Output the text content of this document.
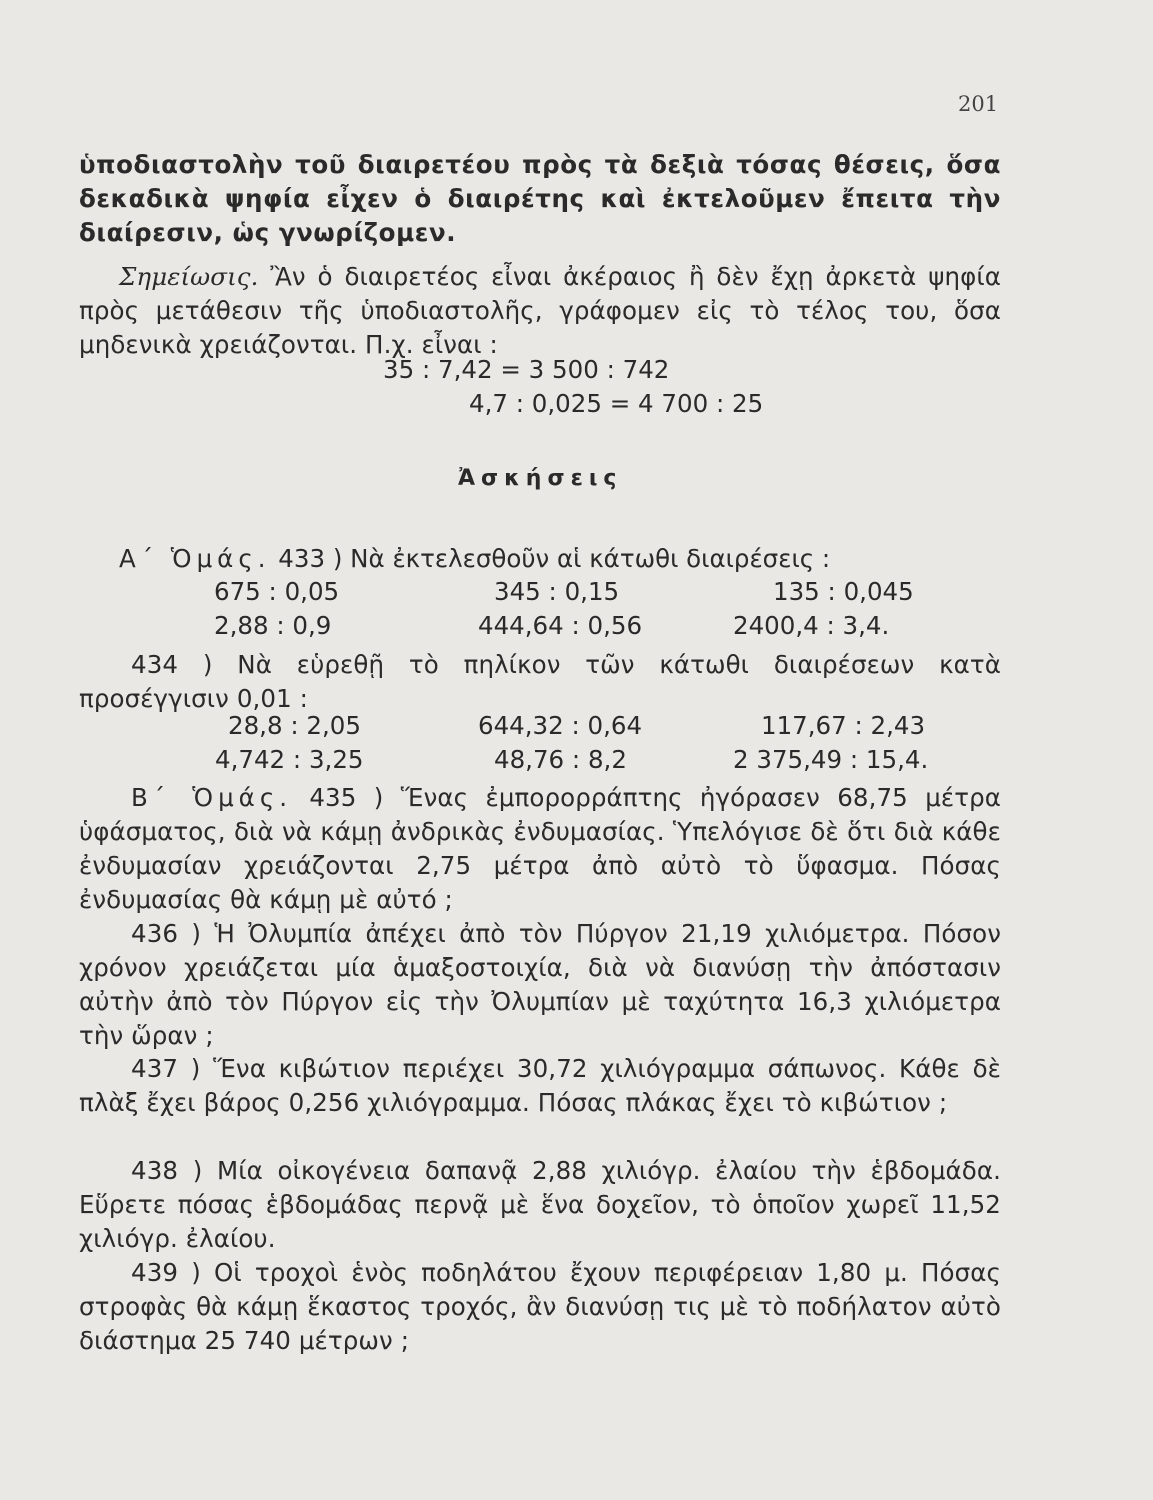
201

ὑποδιαστολὴν τοῦ διαιρετέου πρὸς τὰ δεξιὰ τόσας θέσεις, ὅσα δεκαδικὰ ψηφία εἶχεν ὁ διαιρέτης καὶ ἐκτελοῦμεν ἔπειτα τὴν διαίρεσιν, ὡς γνωρίζομεν.

Σημείωσις. Ἂν ὁ διαιρετέος εἶναι ἀκέραιος ἢ δὲν ἔχῃ ἀρκετὰ ψηφία πρὸς μετάθεσιν τῆς ὑποδιαστολῆς, γράφομεν εἰς τὸ τέλος του, ὅσα μηδενικὰ χρειάζονται. Π.χ. εἶναι :

35 : 7,42 = 3 500 : 742
4,7 : 0,025 = 4 700 : 25
Ἀσκήσεις
Α΄ Ὁμάς. 433 ) Νὰ ἐκτελεσθοῦν αἱ κάτωθι διαιρέσεις :
675 : 0,05	345 : 0,15	135 : 0,045
2,88 : 0,9	444,64 : 0,56	2400,4 : 3,4.

434 ) Νὰ εὑρεθῇ τὸ πηλίκον τῶν κάτωθι διαιρέσεων κατὰ προσέγγισιν 0,01 :

28,8 : 2,05	644,32 : 0,64	117,67 : 2,43
4,742 : 3,25	48,76 : 8,2	2 375,49 : 15,4.

Β΄ Ὁμάς. 435 ) Ἕνας ἐμπορορράπτης ἠγόρασεν 68,75 μέτρα ὑφάσματος, διὰ νὰ κάμῃ ἀνδρικὰς ἐνδυμασίας. Ὑπελόγισε δὲ ὅτι διὰ κάθε ἐνδυμασίαν χρειάζονται 2,75 μέτρα ἀπὸ αὐτὸ τὸ ὕφασμα. Πόσας ἐνδυμασίας θὰ κάμῃ μὲ αὐτό ;

436 ) Ἡ Ὀλυμπία ἀπέχει ἀπὸ τὸν Πύργον 21,19 χιλιόμετρα. Πόσον χρόνον χρειάζεται μία ἁμαξοστοιχία, διὰ νὰ διανύσῃ τὴν ἀπόστασιν αὐτὴν ἀπὸ τὸν Πύργον εἰς τὴν Ὀλυμπίαν μὲ ταχύτητα 16,3 χιλιόμετρα τὴν ὥραν ;

437 ) Ἕνα κιβώτιον περιέχει 30,72 χιλιόγραμμα σάπωνος. Κάθε δὲ πλὰξ ἔχει βάρος 0,256 χιλιόγραμμα. Πόσας πλάκας ἔχει τὸ κιβώτιον ;

438 ) Μία οἰκογένεια δαπανᾷ 2,88 χιλιόγρ. ἐλαίου τὴν ἑβδομάδα. Εὕρετε πόσας ἑβδομάδας περνᾷ μὲ ἕνα δοχεῖον, τὸ ὁποῖον χωρεῖ 11,52 χιλιόγρ. ἐλαίου.

439 ) Οἱ τροχοὶ ἑνὸς ποδηλάτου ἔχουν περιφέρειαν 1,80 μ. Πόσας στροφὰς θὰ κάμῃ ἕκαστος τροχός, ἂν διανύσῃ τις μὲ τὸ ποδήλατον αὐτὸ διάστημα 25 740 μέτρων ;
